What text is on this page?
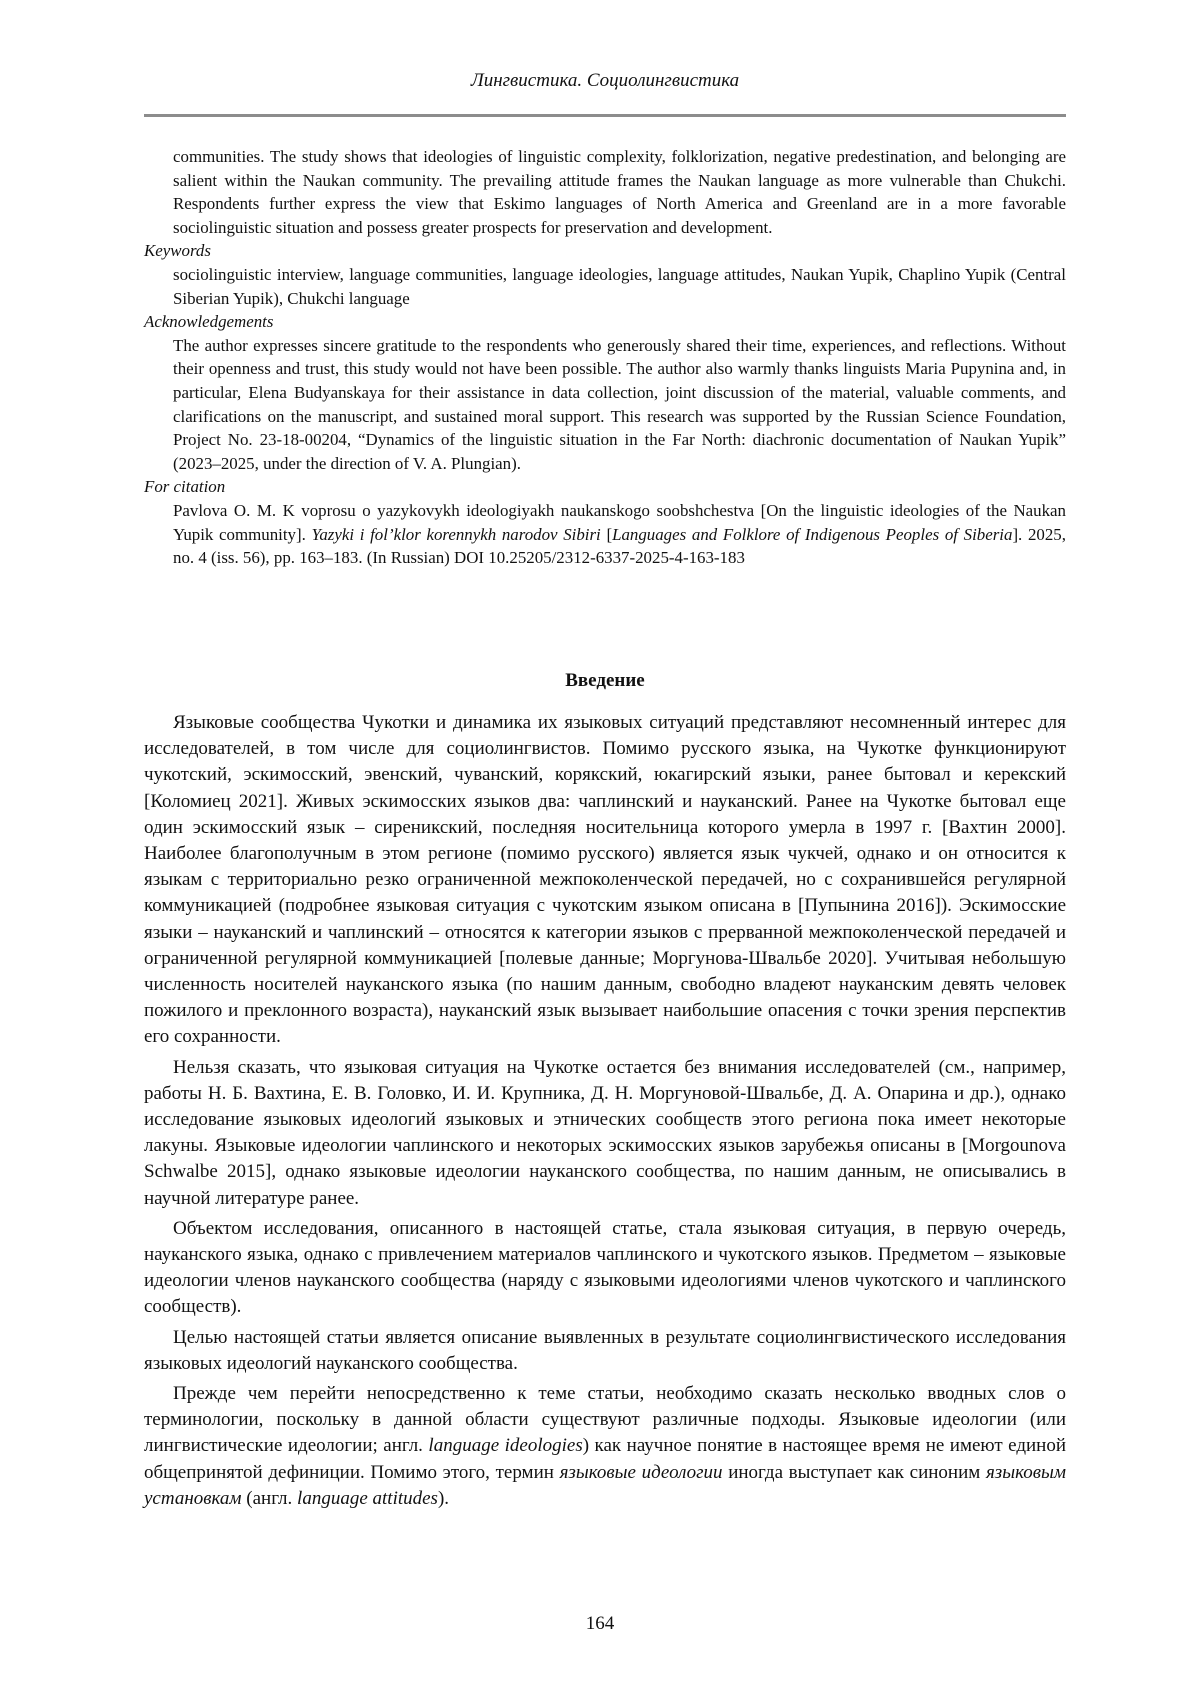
Лингвистика. Социолингвистика

communities. The study shows that ideologies of linguistic complexity, folklorization, negative predestination, and belonging are salient within the Naukan community. The prevailing attitude frames the Naukan language as more vulnerable than Chukchi. Respondents further express the view that Eskimo languages of North America and Greenland are in a more favorable sociolinguistic situation and possess greater prospects for preservation and development.

Keywords

sociolinguistic interview, language communities, language ideologies, language attitudes, Naukan Yupik, Chaplino Yupik (Central Siberian Yupik), Chukchi language

Acknowledgements

The author expresses sincere gratitude to the respondents who generously shared their time, experiences, and reflections. Without their openness and trust, this study would not have been possible. The author also warmly thanks linguists Maria Pupynina and, in particular, Elena Budyanskaya for their assistance in data collection, joint discussion of the material, valuable comments, and clarifications on the manuscript, and sustained moral support. This research was supported by the Russian Science Foundation, Project No. 23-18-00204, “Dynamics of the linguistic situation in the Far North: diachronic documentation of Naukan Yupik” (2023–2025, under the direction of V. A. Plungian).

For citation

Pavlova O. M. K voprosu o yazykovykh ideologiyakh naukanskogo soobshchestva [On the linguistic ideologies of the Naukan Yupik community]. Yazyki i fol’klor korennykh narodov Sibiri [Languages and Folklore of Indigenous Peoples of Siberia]. 2025, no. 4 (iss. 56), pp. 163–183. (In Russian) DOI 10.25205/2312-6337-2025-4-163-183

Введение

Языковые сообщества Чукотки и динамика их языковых ситуаций представляют несомненный интерес для исследователей, в том числе для социолингвистов. Помимо русского языка, на Чукотке функционируют чукотский, эскимосский, эвенский, чуванский, корякский, юкагирский языки, ранее бытовал и керекский [Коломиец 2021]. Живых эскимосских языков два: чаплинский и науканский. Ранее на Чукотке бытовал еще один эскимосский язык – сиреникский, последняя носительница которого умерла в 1997 г. [Вахтин 2000]. Наиболее благополучным в этом регионе (помимо русского) является язык чукчей, однако и он относится к языкам с территориально резко ограниченной межпоколенческой передачей, но с сохранившейся регулярной коммуникацией (подробнее языковая ситуация с чукотским языком описана в [Пупынина 2016]). Эскимосские языки – науканский и чаплинский – относятся к категории языков с прерванной межпоколенческой передачей и ограниченной регулярной коммуникацией [полевые данные; Моргунова-Швальбе 2020]. Учитывая небольшую численность носителей науканского языка (по нашим данным, свободно владеют науканским девять человек пожилого и преклонного возраста), науканский язык вызывает наибольшие опасения с точки зрения перспектив его сохранности.

Нельзя сказать, что языковая ситуация на Чукотке остается без внимания исследователей (см., например, работы Н. Б. Вахтина, Е. В. Головко, И. И. Крупника, Д. Н. Моргуновой-Швальбе, Д. А. Опарина и др.), однако исследование языковых идеологий языковых и этнических сообществ этого региона пока имеет некоторые лакуны. Языковые идеологии чаплинского и некоторых эскимосских языков зарубежья описаны в [Morgounova Schwalbe 2015], однако языковые идеологии науканского сообщества, по нашим данным, не описывались в научной литературе ранее.

Объектом исследования, описанного в настоящей статье, стала языковая ситуация, в первую очередь, науканского языка, однако с привлечением материалов чаплинского и чукотского языков. Предметом – языковые идеологии членов науканского сообщества (наряду с языковыми идеологиями членов чукотского и чаплинского сообществ).

Целью настоящей статьи является описание выявленных в результате социолингвистического исследования языковых идеологий науканского сообщества.

Прежде чем перейти непосредственно к теме статьи, необходимо сказать несколько вводных слов о терминологии, поскольку в данной области существуют различные подходы. Языковые идеологии (или лингвистические идеологии; англ. language ideologies) как научное понятие в настоящее время не имеют единой общепринятой дефиниции. Помимо этого, термин языковые идеологии иногда выступает как синоним языковым установкам (англ. language attitudes).

164
